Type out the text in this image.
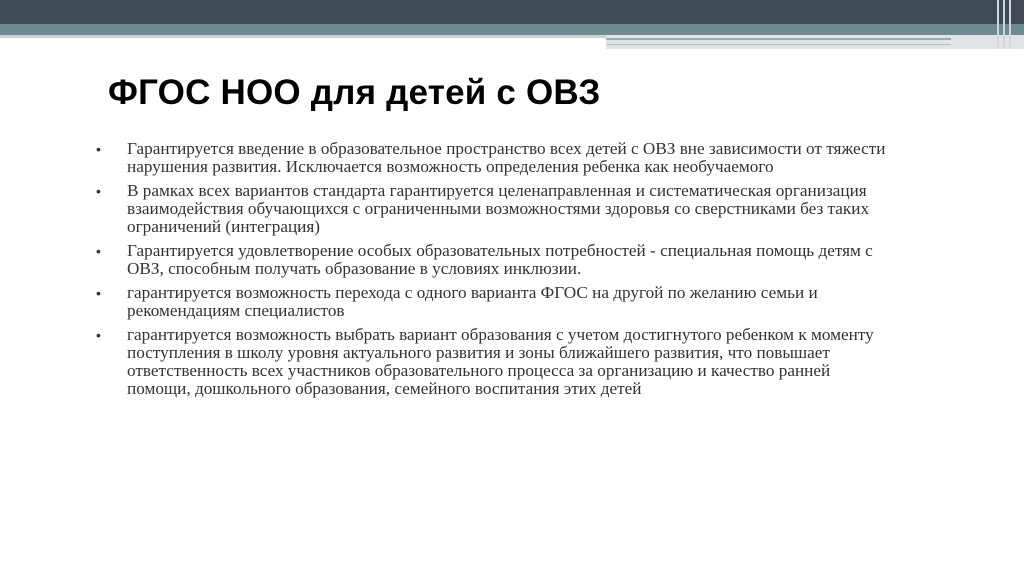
ФГОС НОО для детей с ОВЗ
• Гарантируется введение в образовательное пространство всех детей с ОВЗ вне зависимости от тяжести нарушения развития. Исключается возможность определения ребенка как необучаемого
• В рамках всех вариантов стандарта гарантируется целенаправленная и систематическая организация взаимодействия обучающихся с ограниченными возможностями здоровья со сверстниками без таких ограничений (интеграция)
• Гарантируется удовлетворение особых образовательных потребностей - специальная помощь детям с ОВЗ, способным получать образование в условиях инклюзии.
• гарантируется возможность перехода с одного варианта ФГОС на другой по желанию семьи и рекомендациям специалистов
• гарантируется возможность выбрать вариант образования с учетом достигнутого ребенком к моменту поступления в школу уровня актуального развития и зоны ближайшего развития, что повышает ответственность всех участников образовательного процесса за организацию и качество ранней помощи, дошкольного образования, семейного воспитания этих детей
